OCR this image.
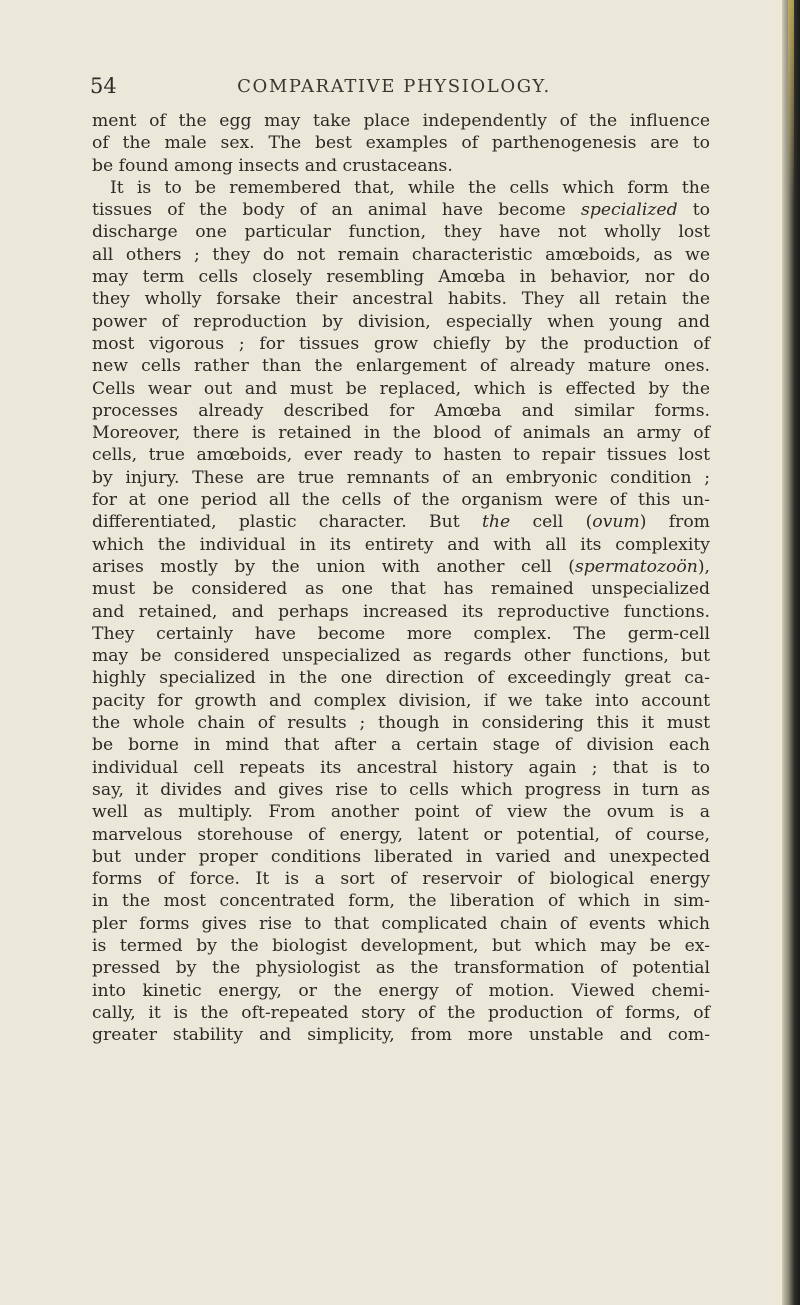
54	COMPARATIVE PHYSIOLOGY.
ment of the egg may take place independently of the influence
of the male sex. The best examples of parthenogenesis are to
be found among insects and crustaceans.
It is to be remembered that, while the cells which form the
tissues of the body of an animal have become specialized to
discharge one particular function, they have not wholly lost
all others ; they do not remain characteristic amœboids, as we
may term cells closely resembling Amœba in behavior, nor do
they wholly forsake their ancestral habits. They all retain the
power of reproduction by division, especially when young and
most vigorous ; for tissues grow chiefly by the production of
new cells rather than the enlargement of already mature ones.
Cells wear out and must be replaced, which is effected by the
processes already described for Amœba and similar forms.
Moreover, there is retained in the blood of animals an army of
cells, true amœboids, ever ready to hasten to repair tissues lost
by injury. These are true remnants of an embryonic condition ;
for at one period all the cells of the organism were of this un-
differentiated, plastic character. But the cell (ovum) from
which the individual in its entirety and with all its complexity
arises mostly by the union with another cell (spermatozoön),
must be considered as one that has remained unspecialized
and retained, and perhaps increased its reproductive functions.
They certainly have become more complex. The germ-cell
may be considered unspecialized as regards other functions, but
highly specialized in the one direction of exceedingly great ca-
pacity for growth and complex division, if we take into account
the whole chain of results ; though in considering this it must
be borne in mind that after a certain stage of division each
individual cell repeats its ancestral history again ; that is to
say, it divides and gives rise to cells which progress in turn as
well as multiply. From another point of view the ovum is a
marvelous storehouse of energy, latent or potential, of course,
but under proper conditions liberated in varied and unexpected
forms of force. It is a sort of reservoir of biological energy
in the most concentrated form, the liberation of which in sim-
pler forms gives rise to that complicated chain of events which
is termed by the biologist development, but which may be ex-
pressed by the physiologist as the transformation of potential
into kinetic energy, or the energy of motion. Viewed chemi-
cally, it is the oft-repeated story of the production of forms, of
greater stability and simplicity, from more unstable and com-
